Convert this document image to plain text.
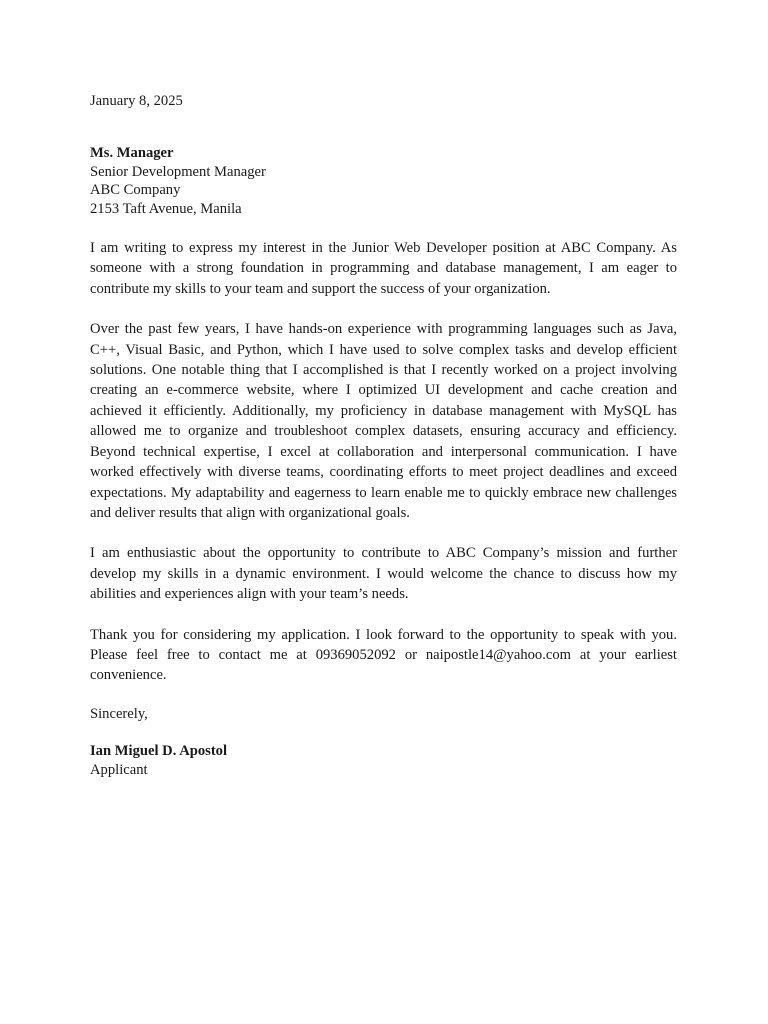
January 8, 2025

Ms. Manager
Senior Development Manager
ABC Company
2153 Taft Avenue, Manila

I am writing to express my interest in the Junior Web Developer position at ABC Company. As someone with a strong foundation in programming and database management, I am eager to contribute my skills to your team and support the success of your organization.

Over the past few years, I have hands-on experience with programming languages such as Java, C++, Visual Basic, and Python, which I have used to solve complex tasks and develop efficient solutions. One notable thing that I accomplished is that I recently worked on a project involving creating an e-commerce website, where I optimized UI development and cache creation and achieved it efficiently. Additionally, my proficiency in database management with MySQL has allowed me to organize and troubleshoot complex datasets, ensuring accuracy and efficiency. Beyond technical expertise, I excel at collaboration and interpersonal communication. I have worked effectively with diverse teams, coordinating efforts to meet project deadlines and exceed expectations. My adaptability and eagerness to learn enable me to quickly embrace new challenges and deliver results that align with organizational goals.

I am enthusiastic about the opportunity to contribute to ABC Company’s mission and further develop my skills in a dynamic environment. I would welcome the chance to discuss how my abilities and experiences align with your team’s needs.

Thank you for considering my application. I look forward to the opportunity to speak with you. Please feel free to contact me at 09369052092 or naipostle14@yahoo.com at your earliest convenience.

Sincerely,

Ian Miguel D. Apostol
Applicant
